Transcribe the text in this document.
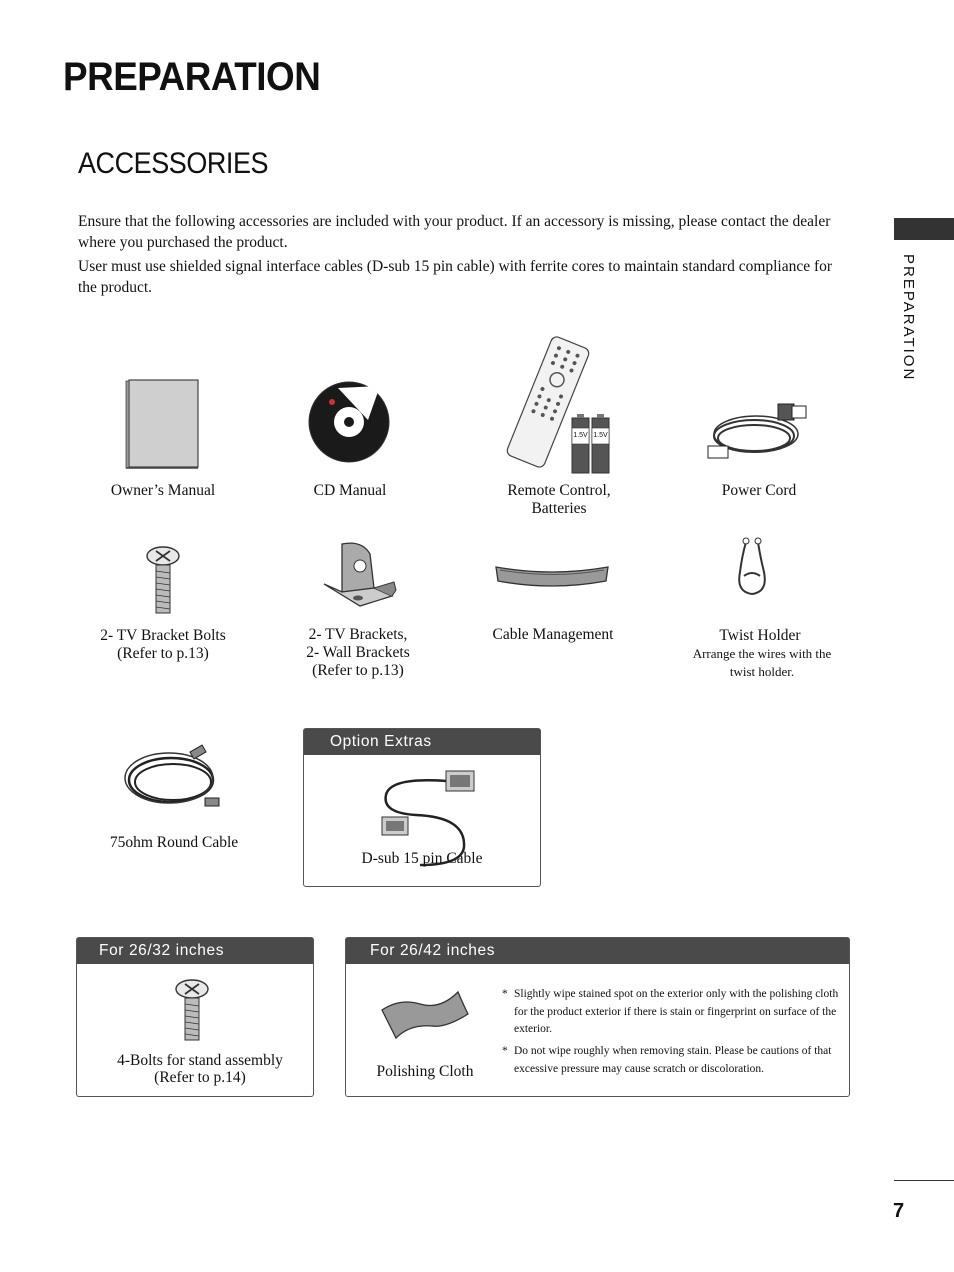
PREPARATION
ACCESSORIES
Ensure that the following accessories are included with your product. If an accessory is missing, please contact the dealer where you purchased the product.
User must use shielded signal interface cables (D-sub 15 pin cable) with ferrite cores to maintain standard compliance for the product.	PREPARATION
1.5V 1.5V
Owner’s Manual	CD Manual	Remote Control,
Batteries
Power Cord
2- TV Bracket Bolts
(Refer to p.13)
2- TV Brackets,
2- Wall Brackets
(Refer to p.13)
Cable Management	Twist Holder
Arrange the wires with the
twist holder.
75ohm Round Cable
Option Extras
D-sub 15 pin Cable
For 26/32 inches
4-Bolts for stand assembly
(Refer to p.14)
For 26/42 inches
Polishing Cloth
* Slightly wipe stained spot on the exterior only with the polishing cloth for the product exterior if there is stain or fingerprint on surface of the exterior.
* Do not wipe roughly when removing stain. Please be cautions of that excessive pressure may cause scratch or discoloration.
7
